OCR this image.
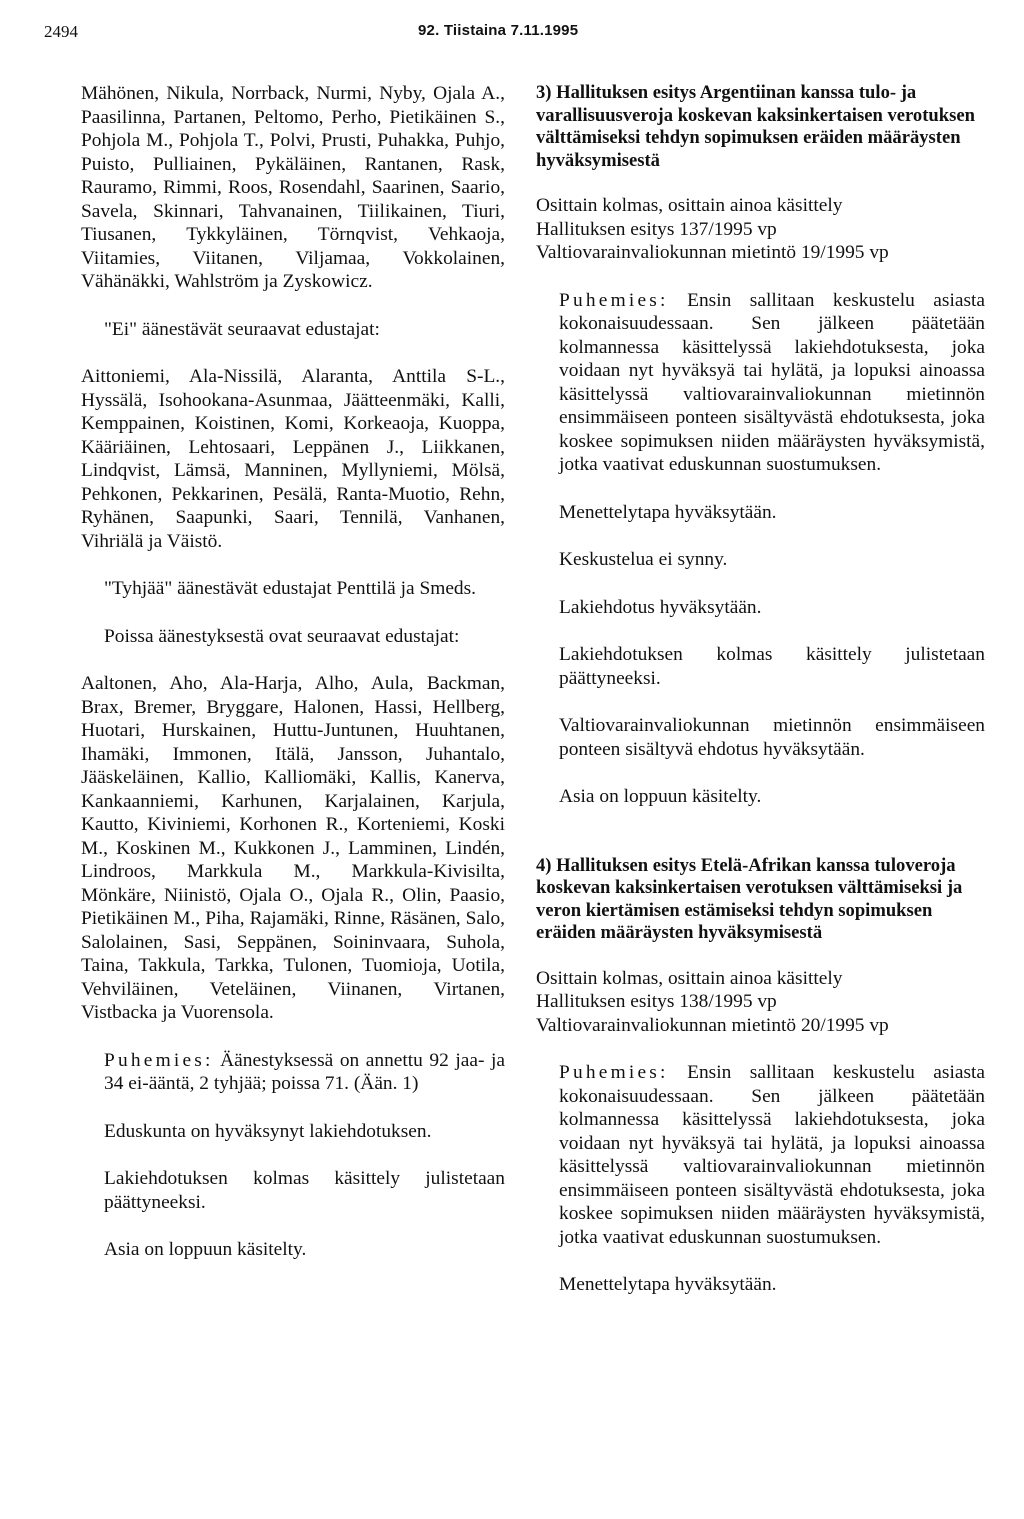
2494	92. Tiistaina 7.11.1995

Mähönen, Nikula, Norrback, Nurmi, Nyby, Ojala A., Paasilinna, Partanen, Peltomo, Perho, Pietikäinen S., Pohjola M., Pohjola T., Polvi, Prusti, Puhakka, Puhjo, Puisto, Pulliainen, Pykäläinen, Rantanen, Rask, Rauramo, Rimmi, Roos, Rosendahl, Saarinen, Saario, Savela, Skinnari, Tahvanainen, Tiilikainen, Tiuri, Tiusanen, Tykkyläinen, Törnqvist, Vehkaoja, Viitamies, Viitanen, Viljamaa, Vokkolainen, Vähänäkki, Wahlström ja Zyskowicz.

"Ei" äänestävät seuraavat edustajat:

Aittoniemi, Ala-Nissilä, Alaranta, Anttila S-L., Hyssälä, Isohookana-Asunmaa, Jäätteenmäki, Kalli, Kemppainen, Koistinen, Komi, Korkeaoja, Kuoppa, Kääriäinen, Lehtosaari, Leppänen J., Liikkanen, Lindqvist, Lämsä, Manninen, Myllyniemi, Mölsä, Pehkonen, Pekkarinen, Pesälä, Ranta-Muotio, Rehn, Ryhänen, Saapunki, Saari, Tennilä, Vanhanen, Vihriälä ja Väistö.

"Tyhjää" äänestävät edustajat Penttilä ja Smeds.

Poissa äänestyksestä ovat seuraavat edustajat:

Aaltonen, Aho, Ala-Harja, Alho, Aula, Backman, Brax, Bremer, Bryggare, Halonen, Hassi, Hellberg, Huotari, Hurskainen, Huttu-Juntunen, Huuhtanen, Ihamäki, Immonen, Itälä, Jansson, Juhantalo, Jääskeläinen, Kallio, Kalliomäki, Kallis, Kanerva, Kankaanniemi, Karhunen, Karjalainen, Karjula, Kautto, Kiviniemi, Korhonen R., Korteniemi, Koski M., Koskinen M., Kukkonen J., Lamminen, Lindén, Lindroos, Markkula M., Markkula-Kivisilta, Mönkäre, Niinistö, Ojala O., Ojala R., Olin, Paasio, Pietikäinen M., Piha, Rajamäki, Rinne, Räsänen, Salo, Salolainen, Sasi, Seppänen, Soininvaara, Suhola, Taina, Takkula, Tarkka, Tulonen, Tuomioja, Uotila, Vehviläinen, Veteläinen, Viinanen, Virtanen, Vistbacka ja Vuorensola.

Puhemies: Äänestyksessä on annettu 92 jaa- ja 34 ei-ääntä, 2 tyhjää; poissa 71. (Ään. 1)

Eduskunta on hyväksynyt lakiehdotuksen.

Lakiehdotuksen kolmas käsittely julistetaan päättyneeksi.

Asia on loppuun käsitelty.

3) Hallituksen esitys Argentiinan kanssa tulo- ja varallisuusveroja koskevan kaksinkertaisen verotuksen välttämiseksi tehdyn sopimuksen eräiden määräysten hyväksymisestä

Osittain kolmas, osittain ainoa käsittely

Hallituksen esitys 137/1995 vp

Valtiovarainvaliokunnan mietintö 19/1995 vp

Puhemies: Ensin sallitaan keskustelu asiasta kokonaisuudessaan. Sen jälkeen päätetään kolmannessa käsittelyssä lakiehdotuksesta, joka voidaan nyt hyväksyä tai hylätä, ja lopuksi ainoassa käsittelyssä valtiovarainvaliokunnan mietinnön ensimmäiseen ponteen sisältyvästä ehdotuksesta, joka koskee sopimuksen niiden määräysten hyväksymistä, jotka vaativat eduskunnan suostumuksen.

Menettelytapa hyväksytään.

Keskustelua ei synny.

Lakiehdotus hyväksytään.

Lakiehdotuksen kolmas käsittely julistetaan päättyneeksi.

Valtiovarainvaliokunnan mietinnön ensimmäiseen ponteen sisältyvä ehdotus hyväksytään.

Asia on loppuun käsitelty.

4) Hallituksen esitys Etelä-Afrikan kanssa tuloveroja koskevan kaksinkertaisen verotuksen välttämiseksi ja veron kiertämisen estämiseksi tehdyn sopimuksen eräiden määräysten hyväksymisestä

Osittain kolmas, osittain ainoa käsittely

Hallituksen esitys 138/1995 vp

Valtiovarainvaliokunnan mietintö 20/1995 vp

Puhemies: Ensin sallitaan keskustelu asiasta kokonaisuudessaan. Sen jälkeen päätetään kolmannessa käsittelyssä lakiehdotuksesta, joka voidaan nyt hyväksyä tai hylätä, ja lopuksi ainoassa käsittelyssä valtiovarainvaliokunnan mietinnön ensimmäiseen ponteen sisältyvästä ehdotuksesta, joka koskee sopimuksen niiden määräysten hyväksymistä, jotka vaativat eduskunnan suostumuksen.

Menettelytapa hyväksytään.
